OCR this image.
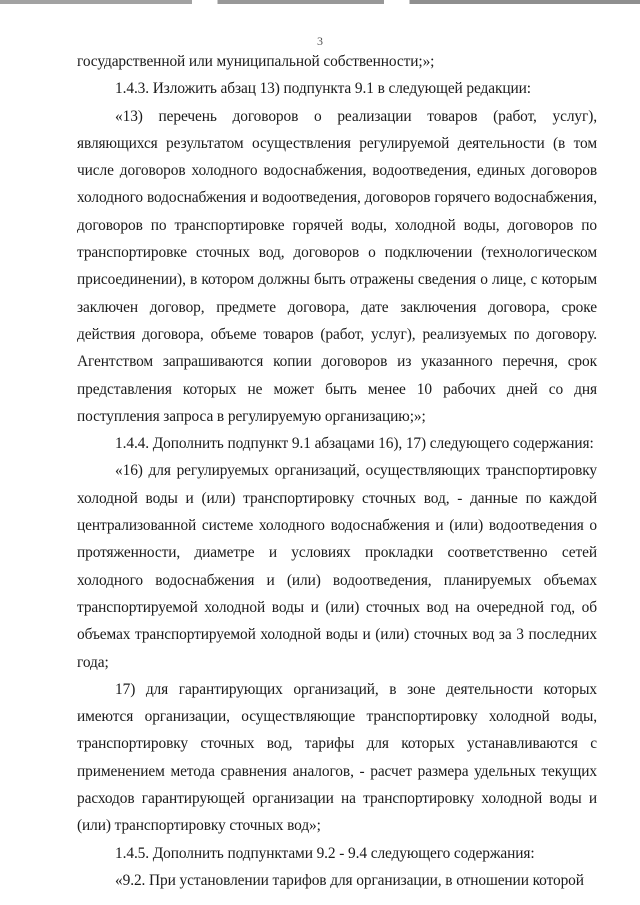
3

государственной или муниципальной собственности;»;

1.4.3. Изложить абзац 13) подпункта 9.1 в следующей редакции:

«13) перечень договоров о реализации товаров (работ, услуг), являющихся результатом осуществления регулируемой деятельности (в том числе договоров холодного водоснабжения, водоотведения, единых договоров холодного водоснабжения и водоотведения, договоров горячего водоснабжения, договоров по транспортировке горячей воды, холодной воды, договоров по транспортировке сточных вод, договоров о подключении (технологическом присоединении), в котором должны быть отражены сведения о лице, с которым заключен договор, предмете договора, дате заключения договора, сроке действия договора, объеме товаров (работ, услуг), реализуемых по договору. Агентством запрашиваются копии договоров из указанного перечня, срок представления которых не может быть менее 10 рабочих дней со дня поступления запроса в регулируемую организацию;»;

1.4.4. Дополнить подпункт 9.1 абзацами 16), 17) следующего содержания:

«16) для регулируемых организаций, осуществляющих транспортировку холодной воды и (или) транспортировку сточных вод, - данные по каждой централизованной системе холодного водоснабжения и (или) водоотведения о протяженности, диаметре и условиях прокладки соответственно сетей холодного водоснабжения и (или) водоотведения, планируемых объемах транспортируемой холодной воды и (или) сточных вод на очередной год, об объемах транспортируемой холодной воды и (или) сточных вод за 3 последних года;

17) для гарантирующих организаций, в зоне деятельности которых имеются организации, осуществляющие транспортировку холодной воды, транспортировку сточных вод, тарифы для которых устанавливаются с применением метода сравнения аналогов, - расчет размера удельных текущих расходов гарантирующей организации на транспортировку холодной воды и (или) транспортировку сточных вод»;

1.4.5. Дополнить подпунктами 9.2 - 9.4 следующего содержания:

«9.2. При установлении тарифов для организации, в отношении которой
